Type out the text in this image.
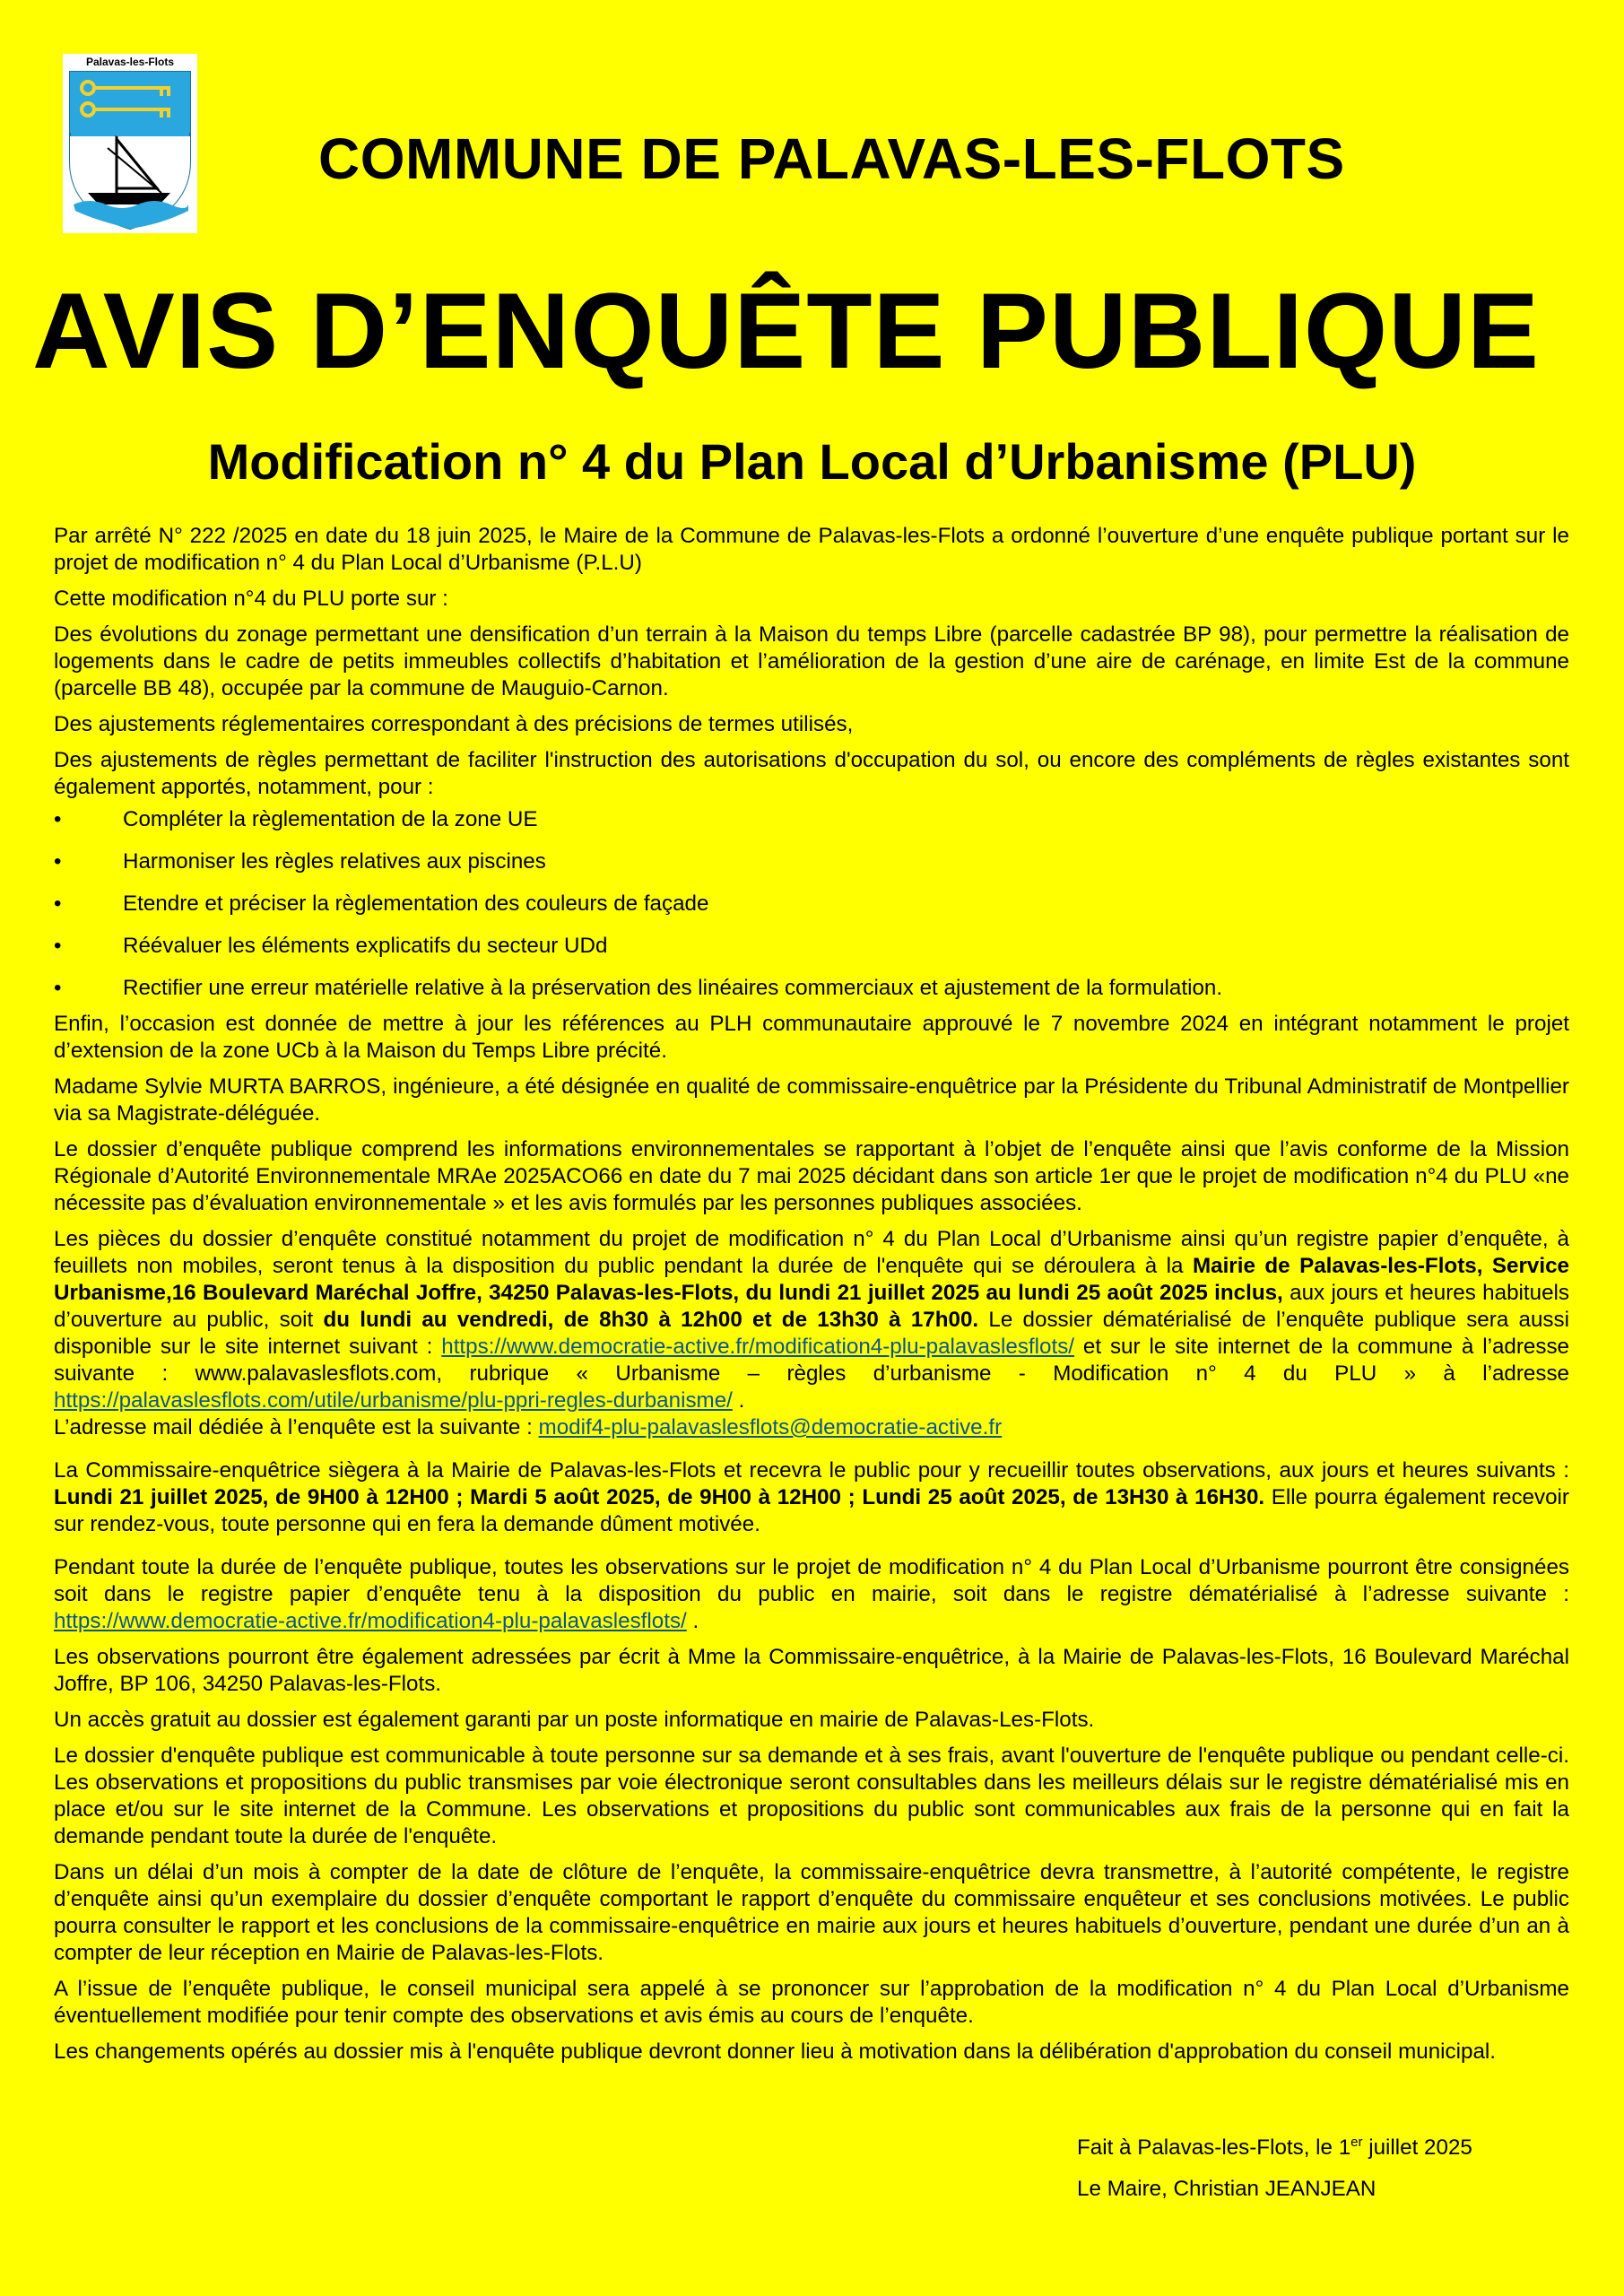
Palavas-les-Flots
COMMUNE DE PALAVAS-LES-FLOTS
AVIS D’ENQUÊTE PUBLIQUE
Modification n° 4 du Plan Local d’Urbanisme (PLU)

Par arrêté N° 222 /2025 en date du 18 juin 2025, le Maire de la Commune de Palavas-les-Flots a ordonné l’ouverture d’une enquête publique portant sur le projet de modification n° 4 du Plan Local d’Urbanisme (P.L.U)

Cette modification n°4 du PLU porte sur :

Des évolutions du zonage permettant une densification d’un terrain à la Maison du temps Libre (parcelle cadastrée BP 98), pour permettre la réalisation de logements dans le cadre de petits immeubles collectifs d’habitation et l’amélioration de la gestion d’une aire de carénage, en limite Est de la commune (parcelle BB 48), occupée par la commune de Mauguio-Carnon.

Des ajustements réglementaires correspondant à des précisions de termes utilisés,

Des ajustements de règles permettant de faciliter l'instruction des autorisations d'occupation du sol, ou encore des compléments de règles existantes sont également apportés, notamment, pour :

• Compléter la règlementation de la zone UE
• Harmoniser les règles relatives aux piscines
• Etendre et préciser la règlementation des couleurs de façade
• Réévaluer les éléments explicatifs du secteur UDd
• Rectifier une erreur matérielle relative à la préservation des linéaires commerciaux et ajustement de la formulation.

Enfin, l’occasion est donnée de mettre à jour les références au PLH communautaire approuvé le 7 novembre 2024 en intégrant notamment le projet d’extension de la zone UCb à la Maison du Temps Libre précité.

Madame Sylvie MURTA BARROS, ingénieure, a été désignée en qualité de commissaire-enquêtrice par la Présidente du Tribunal Administratif de Montpellier via sa Magistrate-déléguée.

Le dossier d’enquête publique comprend les informations environnementales se rapportant à l’objet de l’enquête ainsi que l’avis conforme de la Mission Régionale d’Autorité Environnementale MRAe 2025ACO66 en date du 7 mai 2025 décidant dans son article 1er que le projet de modification n°4 du PLU «ne nécessite pas d’évaluation environnementale » et les avis formulés par les personnes publiques associées.

Les pièces du dossier d’enquête constitué notamment du projet de modification n° 4 du Plan Local d’Urbanisme ainsi qu’un registre papier d’enquête, à feuillets non mobiles, seront tenus à la disposition du public pendant la durée de l'enquête qui se déroulera à la Mairie de Palavas-les-Flots, Service Urbanisme,16 Boulevard Maréchal Joffre, 34250 Palavas-les-Flots, du lundi 21 juillet 2025 au lundi 25 août 2025 inclus, aux jours et heures habituels d’ouverture au public, soit du lundi au vendredi, de 8h30 à 12h00 et de 13h30 à 17h00. Le dossier dématérialisé de l’enquête publique sera aussi disponible sur le site internet suivant : https://www.democratie-active.fr/modification4-plu-palavaslesflots/ et sur le site internet de la commune à l’adresse suivante : www.palavaslesflots.com, rubrique « Urbanisme – règles d’urbanisme - Modification n° 4 du PLU » à l’adresse https://palavaslesflots.com/utile/urbanisme/plu-ppri-regles-durbanisme/ .
L’adresse mail dédiée à l’enquête est la suivante : modif4-plu-palavaslesflots@democratie-active.fr

La Commissaire-enquêtrice siègera à la Mairie de Palavas-les-Flots et recevra le public pour y recueillir toutes observations, aux jours et heures suivants : Lundi 21 juillet 2025, de 9H00 à 12H00 ; Mardi 5 août 2025, de 9H00 à 12H00 ; Lundi 25 août 2025, de 13H30 à 16H30. Elle pourra également recevoir sur rendez-vous, toute personne qui en fera la demande dûment motivée.

Pendant toute la durée de l’enquête publique, toutes les observations sur le projet de modification n° 4 du Plan Local d’Urbanisme pourront être consignées soit dans le registre papier d’enquête tenu à la disposition du public en mairie, soit dans le registre dématérialisé à l’adresse suivante : https://www.democratie-active.fr/modification4-plu-palavaslesflots/ .

Les observations pourront être également adressées par écrit à Mme la Commissaire-enquêtrice, à la Mairie de Palavas-les-Flots, 16 Boulevard Maréchal Joffre, BP 106, 34250 Palavas-les-Flots.

Un accès gratuit au dossier est également garanti par un poste informatique en mairie de Palavas-Les-Flots.

Le dossier d'enquête publique est communicable à toute personne sur sa demande et à ses frais, avant l'ouverture de l'enquête publique ou pendant celle-ci. Les observations et propositions du public transmises par voie électronique seront consultables dans les meilleurs délais sur le registre dématérialisé mis en place et/ou sur le site internet de la Commune. Les observations et propositions du public sont communicables aux frais de la personne qui en fait la demande pendant toute la durée de l'enquête.

Dans un délai d’un mois à compter de la date de clôture de l’enquête, la commissaire-enquêtrice devra transmettre, à l’autorité compétente, le registre d’enquête ainsi qu’un exemplaire du dossier d’enquête comportant le rapport d’enquête du commissaire enquêteur et ses conclusions motivées. Le public pourra consulter le rapport et les conclusions de la commissaire-enquêtrice en mairie aux jours et heures habituels d’ouverture, pendant une durée d’un an à compter de leur réception en Mairie de Palavas-les-Flots.

A l’issue de l’enquête publique, le conseil municipal sera appelé à se prononcer sur l’approbation de la modification n° 4 du Plan Local d’Urbanisme éventuellement modifiée pour tenir compte des observations et avis émis au cours de l’enquête.

Les changements opérés au dossier mis à l'enquête publique devront donner lieu à motivation dans la délibération d'approbation du conseil municipal.

Fait à Palavas-les-Flots, le 1er juillet 2025
Le Maire, Christian JEANJEAN
